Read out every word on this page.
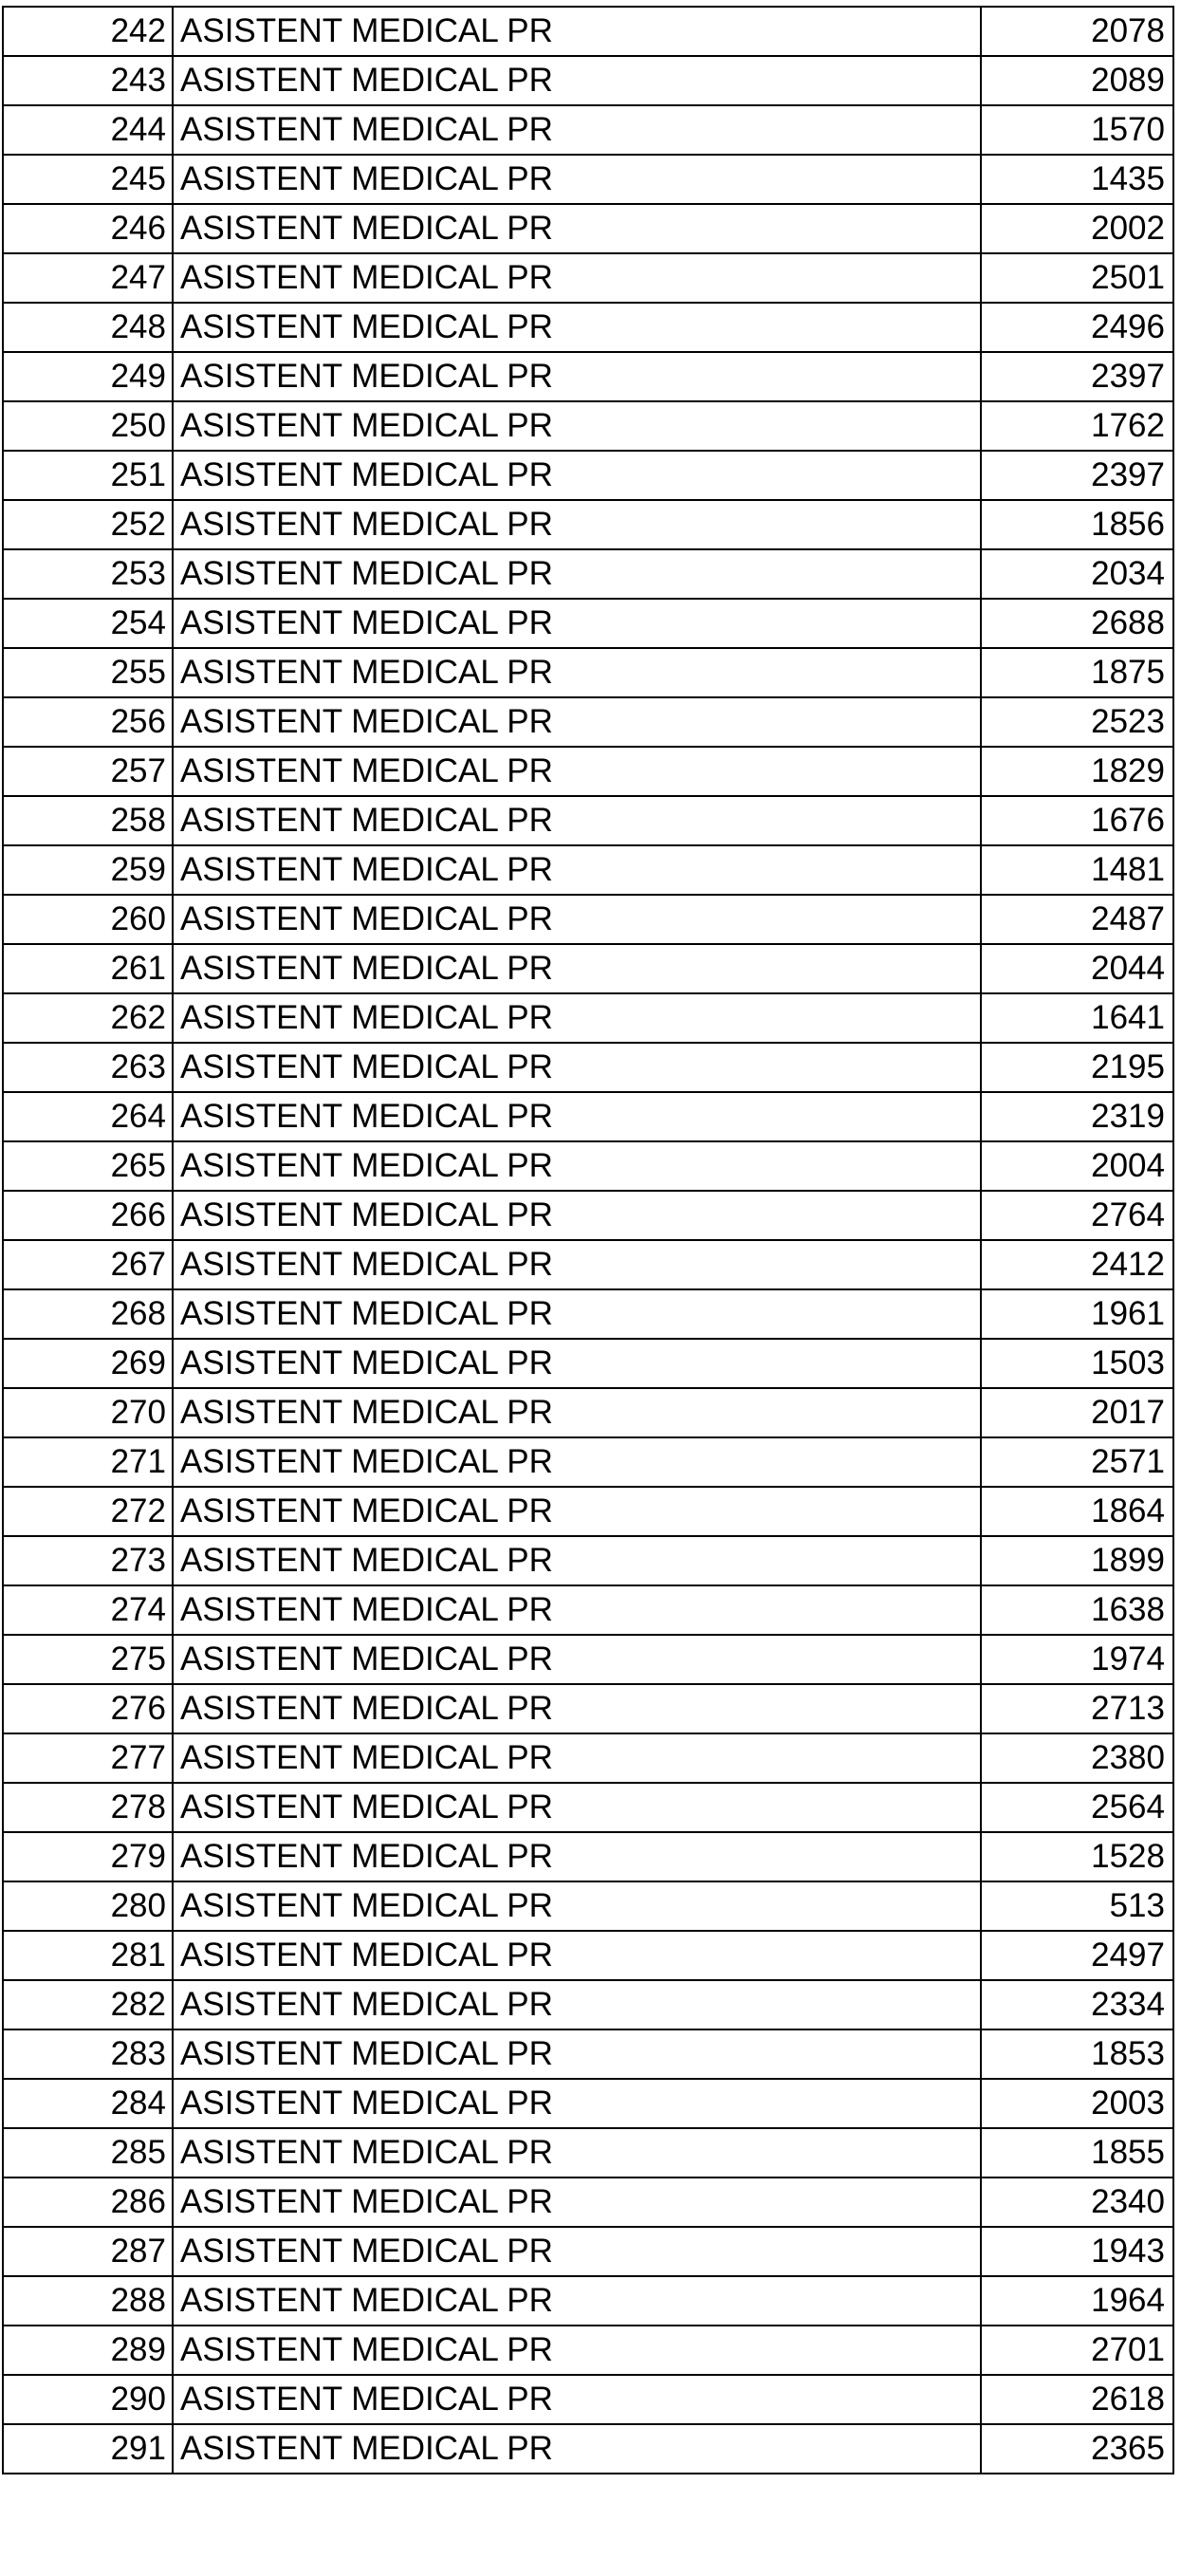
242	ASISTENT MEDICAL PR	2078
243	ASISTENT MEDICAL PR	2089
244	ASISTENT MEDICAL PR	1570
245	ASISTENT MEDICAL PR	1435
246	ASISTENT MEDICAL PR	2002
247	ASISTENT MEDICAL PR	2501
248	ASISTENT MEDICAL PR	2496
249	ASISTENT MEDICAL PR	2397
250	ASISTENT MEDICAL PR	1762
251	ASISTENT MEDICAL PR	2397
252	ASISTENT MEDICAL PR	1856
253	ASISTENT MEDICAL PR	2034
254	ASISTENT MEDICAL PR	2688
255	ASISTENT MEDICAL PR	1875
256	ASISTENT MEDICAL PR	2523
257	ASISTENT MEDICAL PR	1829
258	ASISTENT MEDICAL PR	1676
259	ASISTENT MEDICAL PR	1481
260	ASISTENT MEDICAL PR	2487
261	ASISTENT MEDICAL PR	2044
262	ASISTENT MEDICAL PR	1641
263	ASISTENT MEDICAL PR	2195
264	ASISTENT MEDICAL PR	2319
265	ASISTENT MEDICAL PR	2004
266	ASISTENT MEDICAL PR	2764
267	ASISTENT MEDICAL PR	2412
268	ASISTENT MEDICAL PR	1961
269	ASISTENT MEDICAL PR	1503
270	ASISTENT MEDICAL PR	2017
271	ASISTENT MEDICAL PR	2571
272	ASISTENT MEDICAL PR	1864
273	ASISTENT MEDICAL PR	1899
274	ASISTENT MEDICAL PR	1638
275	ASISTENT MEDICAL PR	1974
276	ASISTENT MEDICAL PR	2713
277	ASISTENT MEDICAL PR	2380
278	ASISTENT MEDICAL PR	2564
279	ASISTENT MEDICAL PR	1528
280	ASISTENT MEDICAL PR	513
281	ASISTENT MEDICAL PR	2497
282	ASISTENT MEDICAL PR	2334
283	ASISTENT MEDICAL PR	1853
284	ASISTENT MEDICAL PR	2003
285	ASISTENT MEDICAL PR	1855
286	ASISTENT MEDICAL PR	2340
287	ASISTENT MEDICAL PR	1943
288	ASISTENT MEDICAL PR	1964
289	ASISTENT MEDICAL PR	2701
290	ASISTENT MEDICAL PR	2618
291	ASISTENT MEDICAL PR	2365
